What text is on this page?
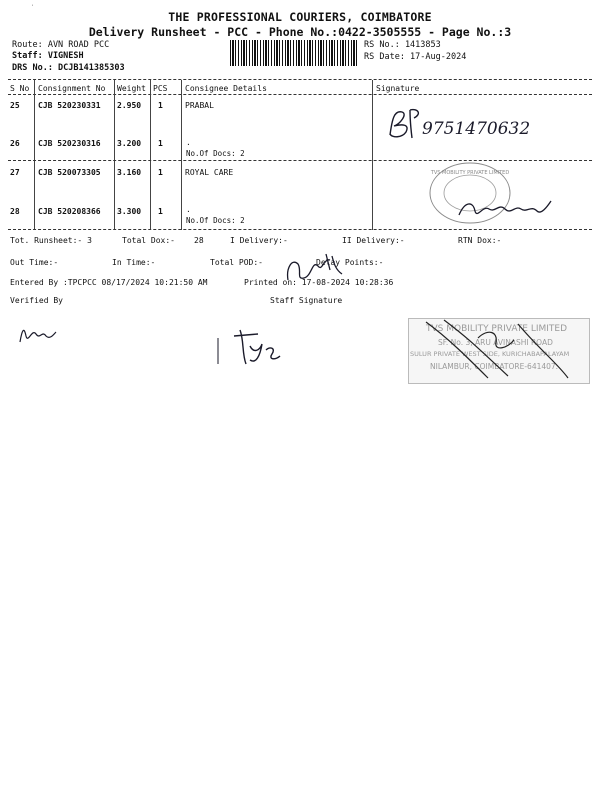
THE PROFESSIONAL COURIERS, COIMBATORE
Delivery Runsheet - PCC - Phone No.:0422-3505555 - Page No.:3
Route: AVN ROAD PCC
Staff: VIGNESH
DRS No.: DCJB141385303
RS No.: 1413853
RS Date: 17-Aug-2024
S No Consignment No Weight PCS Consignee Details	Signature
25 CJB 520230331 2.950 1	PRABAL
26 CJB 520230316 3.200 1	.
No.Of Docs: 2
27 CJB 520073305 3.160 1	ROYAL CARE
28 CJB 520208366 3.300 1	.
No.Of Docs: 2
9751470632
TVS MOBILITY PRIVATE LIMITED
Tot. Runsheet:- 3	Total Dox:- 28	I Delivery:-	II Delivery:-	RTN Dox:-
Out Time:-	In Time:-	Total POD:-	Delay Points:-
Entered By :TPCPCC 08/17/2024 10:21:50 AM	Printed on: 17-08-2024 10:28:36
Verified By	Staff Signature
TVS MOBILITY PRIVATE LIMITED
SF. No. 3, ARU AVINASHI ROAD
SULUR PRIVATE WEST SIDE, KURICHABAPALAYAM
NILAMBUR, COIMBATORE-641407.
˙
